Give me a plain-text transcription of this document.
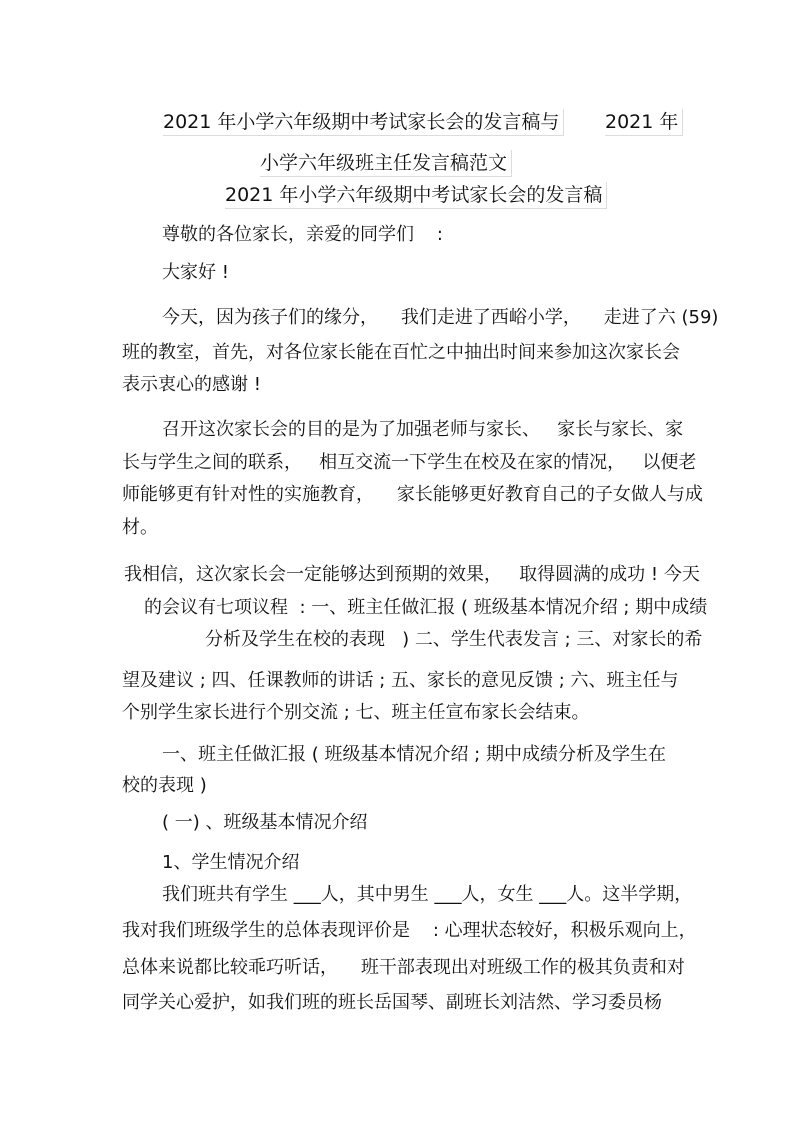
2021 年小学六年级期中考试家长会的发言稿与 2021 年
小学六年级班主任发言稿范文
2021 年小学六年级期中考试家长会的发言稿
尊敬的各位家长，亲爱的同学们    :
大家好 !
今天，因为孩子们的缘分，    我们走进了西峪小学，    走进了六 (59)
班的教室，首先，对各位家长能在百忙之中抽出时间来参加这次家长会
表示衷心的感谢 !
召开这次家长会的目的是为了加强老师与家长、   家长与家长、家
长与学生之间的联系，   相互交流一下学生在校及在家的情况，   以便老
师能够更有针对性的实施教育，    家长能够更好教育自己的子女做人与成
材。
我相信，这次家长会一定能够达到预期的效果，   取得圆满的成功 ! 今天
的会议有七项议程  : 一、班主任做汇报 ( 班级基本情况介绍 ; 期中成绩
分析及学生在校的表现   ) 二、学生代表发言 ; 三、对家长的希
望及建议 ; 四、任课教师的讲话 ; 五、家长的意见反馈 ; 六、班主任与
个别学生家长进行个别交流 ; 七、班主任宣布家长会结束。
一、班主任做汇报 ( 班级基本情况介绍 ; 期中成绩分析及学生在
校的表现 )
( 一) 、班级基本情况介绍
1、学生情况介绍
我们班共有学生 ___人，其中男生 ___人，女生 ___人。这半学期，
我对我们班级学生的总体表现评价是    : 心理状态较好，积极乐观向上，
总体来说都比较乖巧听话，    班干部表现出对班级工作的极其负责和对
同学关心爱护，如我们班的班长岳国琴、副班长刘洁然、学习委员杨
